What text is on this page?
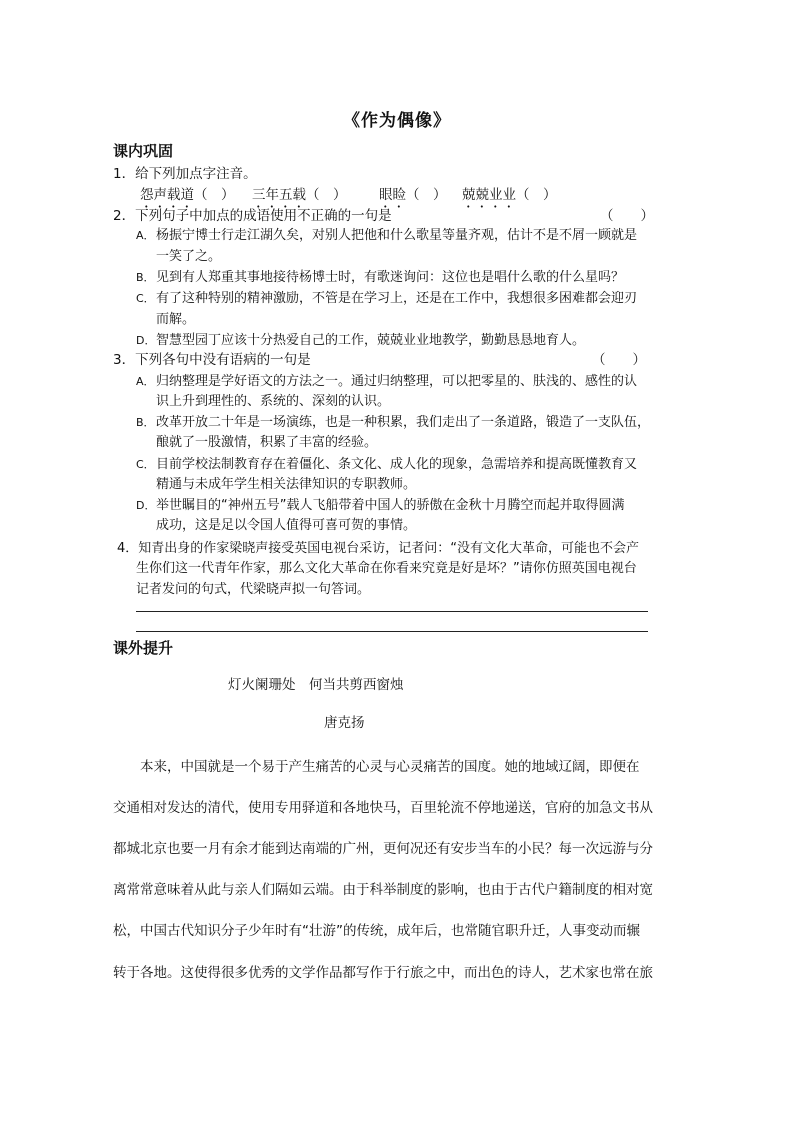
《作为偶像》
课内巩固
1．给下列加点字注音。
怨声载道（　） 三年五载（　） 眼睑（　） 兢兢业业（　）
2．下列句子中加点的成语使用不正确的一句是	（　　）
A．杨振宁博士行走江湖久矣，对别人把他和什么歌星等量齐观，估计不是不屑一顾就是
一笑了之。
B．见到有人郑重其事地接待杨博士时，有歌迷询问：这位也是唱什么歌的什么星吗？
C．有了这种特别的精神激励，不管是在学习上，还是在工作中，我想很多困难都会迎刃
而解。
D．智慧型园丁应该十分热爱自己的工作，兢兢业业地教学，勤勤恳恳地育人。
3．下列各句中没有语病的一句是	（　　）
A．归纳整理是学好语文的方法之一。通过归纳整理，可以把零星的、肤浅的、感性的认
识上升到理性的、系统的、深刻的认识。
B．改革开放二十年是一场演练，也是一种积累，我们走出了一条道路，锻造了一支队伍，
酿就了一股激情，积累了丰富的经验。
C．目前学校法制教育存在着僵化、条文化、成人化的现象，急需培养和提高既懂教育又
精通与未成年学生相关法律知识的专职教师。
D．举世瞩目的“神州五号”载人飞船带着中国人的骄傲在金秋十月腾空而起并取得圆满
成功，这是足以令国人值得可喜可贺的事情。
4．知青出身的作家梁晓声接受英国电视台采访，记者问：“没有文化大革命，可能也不会产
生你们这一代青年作家，那么文化大革命在你看来究竟是好是坏？”请你仿照英国电视台
记者发问的句式，代梁晓声拟一句答词。
课外提升
灯火阑珊处　何当共剪西窗烛
唐克扬
　　本来，中国就是一个易于产生痛苦的心灵与心灵痛苦的国度。她的地域辽阔，即便在
交通相对发达的清代，使用专用驿道和各地快马，百里轮流不停地递送，官府的加急文书从
都城北京也要一月有余才能到达南端的广州，更何况还有安步当车的小民？每一次远游与分
离常常意味着从此与亲人们隔如云端。由于科举制度的影响，也由于古代户籍制度的相对宽
松，中国古代知识分子少年时有“壮游”的传统，成年后，也常随官职升迁，人事变动而辗
转于各地。这使得很多优秀的文学作品都写作于行旅之中，而出色的诗人，艺术家也常在旅
